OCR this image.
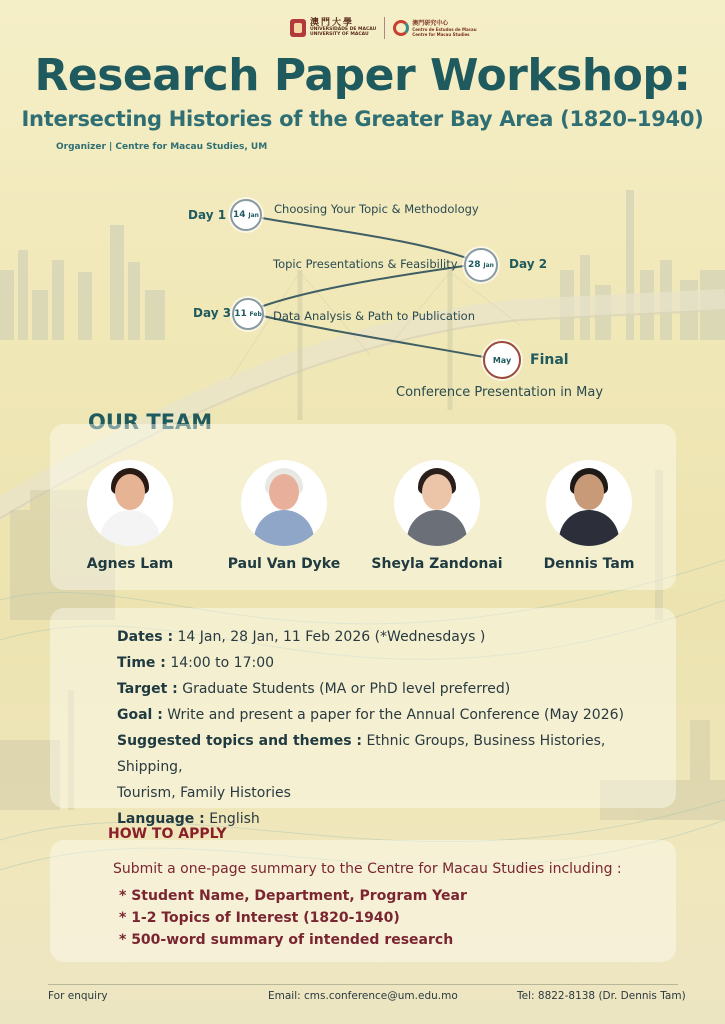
澳門大學
UNIVERSIDADE DE MACAU
UNIVERSITY OF MACAU
澳門研究中心
Centro de Estudos de Macau
Centre for Macau Studies
Research Paper Workshop:
Intersecting Histories of the Greater Bay Area (1820–1940)
Organizer | Centre for Macau Studies, UM
Day 1 14
Jan Choosing Your Topic & Methodology
Topic Presentations & Feasibility 28
Jan Day 2
Day 3 11
Feb Data Analysis & Path to Publication
May Final
Conference Presentation in May
OUR TEAM
Agnes Lam	Paul Van Dyke	Sheyla Zandonai	Dennis Tam
Dates : 14 Jan, 28 Jan, 11 Feb 2026 (*Wednesdays )
Time : 14:00 to 17:00
Target : Graduate Students (MA or PhD level preferred)
Goal : Write and present a paper for the Annual Conference (May 2026)
Suggested topics and themes : Ethnic Groups, Business Histories, Shipping,
Tourism, Family Histories
Language : English
HOW TO APPLY
Submit a one-page summary to the Centre for Macau Studies including :
* Student Name, Department, Program Year
* 1-2 Topics of Interest (1820-1940)
* 500-word summary of intended research
For enquiry	Email: cms.conference@um.edu.mo	Tel: 8822-8138 (Dr. Dennis Tam)
